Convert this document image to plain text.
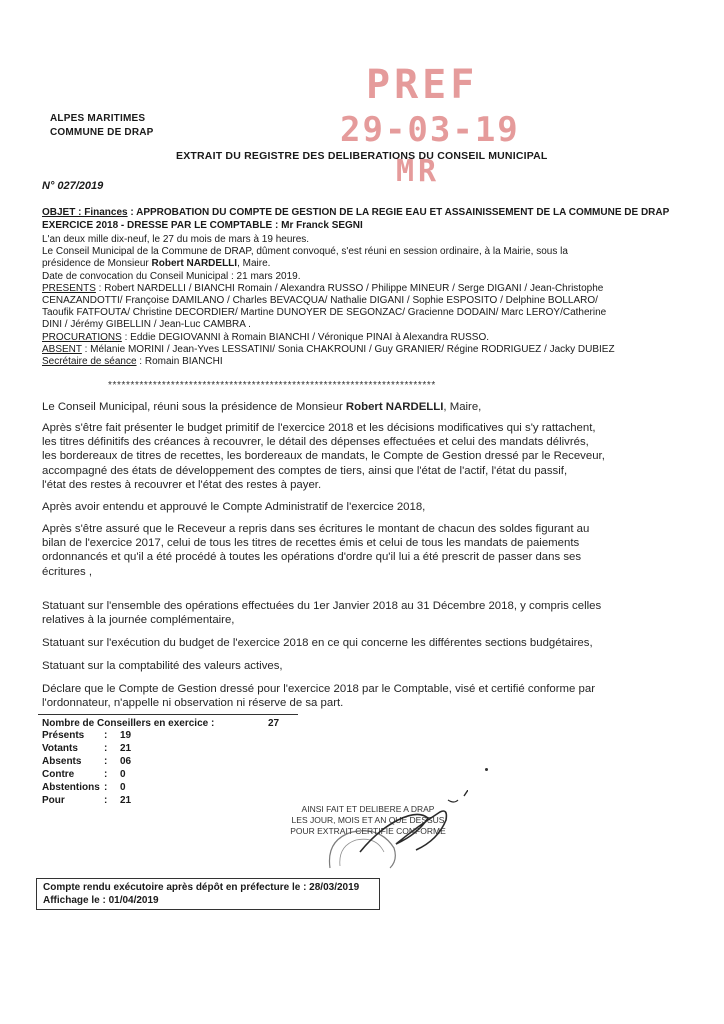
ALPES MARITIMES
COMMUNE DE DRAP
PREF
29-03-19
MR
EXTRAIT DU REGISTRE DES DELIBERATIONS DU CONSEIL MUNICIPAL
N° 027/2019
OBJET : Finances : APPROBATION DU COMPTE DE GESTION DE LA REGIE EAU ET ASSAINISSEMENT DE LA COMMUNE DE DRAP
EXERCICE 2018 - DRESSE PAR LE COMPTABLE : Mr Franck SEGNI
L'an deux mille dix-neuf, le 27 du mois de mars à 19 heures.
Le Conseil Municipal de la Commune de DRAP, dûment convoqué, s'est réuni en session ordinaire, à la Mairie, sous la
présidence de Monsieur Robert NARDELLI, Maire.
Date de convocation du Conseil Municipal : 21 mars 2019.
PRESENTS : Robert NARDELLI / BIANCHI Romain / Alexandra RUSSO / Philippe MINEUR / Serge DIGANI / Jean-Christophe
CENAZANDOTTI/ Françoise DAMILANO / Charles BEVACQUA/ Nathalie DIGANI / Sophie ESPOSITO / Delphine BOLLARO/
Taoufik FATFOUTA/ Christine DECORDIER/ Martine DUNOYER DE SEGONZAC/ Gracienne DODAIN/ Marc LEROY/Catherine
DINI / Jérémy GIBELLIN / Jean-Luc CAMBRA .
PROCURATIONS : Eddie DEGIOVANNI à Romain BIANCHI / Véronique PINAI à Alexandra RUSSO.
ABSENT : Mélanie MORINI / Jean-Yves LESSATINI/ Sonia CHAKROUNI / Guy GRANIER/ Régine RODRIGUEZ / Jacky DUBIEZ
Secrétaire de séance : Romain BIANCHI
*************************************************************************
Le Conseil Municipal, réuni sous la présidence de Monsieur Robert NARDELLI, Maire,
Après s'être fait présenter le budget primitif de l'exercice 2018 et les décisions modificatives qui s'y rattachent,
les titres définitifs des créances à recouvrer, le détail des dépenses effectuées et celui des mandats délivrés,
les bordereaux de titres de recettes, les bordereaux de mandats, le Compte de Gestion dressé par le Receveur,
accompagné des états de développement des comptes de tiers, ainsi que l'état de l'actif, l'état du passif,
l'état des restes à recouvrer et l'état des restes à payer.
Après avoir entendu et approuvé le Compte Administratif de l'exercice 2018,
Après s'être assuré que le Receveur a repris dans ses écritures le montant de chacun des soldes figurant au
bilan de l'exercice 2017, celui de tous les titres de recettes émis et celui de tous les mandats de paiements
ordonnancés et qu'il a été procédé à toutes les opérations d'ordre qu'il lui a été prescrit de passer dans ses
écritures ,
Statuant sur l'ensemble des opérations effectuées du 1er Janvier 2018 au 31 Décembre 2018, y compris celles
relatives à la journée complémentaire,
Statuant sur l'exécution du budget de l'exercice 2018 en ce qui concerne les différentes sections budgétaires,
Statuant sur la comptabilité des valeurs actives,
Déclare que le Compte de Gestion dressé pour l'exercice 2018 par le Comptable, visé et certifié conforme par
l'ordonnateur, n'appelle ni observation ni réserve de sa part.
Nombre de Conseillers en exercice :	27
Présents : 19
Votants	: 21
Absents : 06
Contre	: 0
Abstentions : 0
Pour	: 21
AINSI FAIT ET DELIBERE A DRAP
LES JOUR, MOIS ET AN QUE DESSUS
POUR EXTRAIT CERTIFIE CONFORME
Compte rendu exécutoire après dépôt en préfecture le : 28/03/2019
Affichage le : 01/04/2019
